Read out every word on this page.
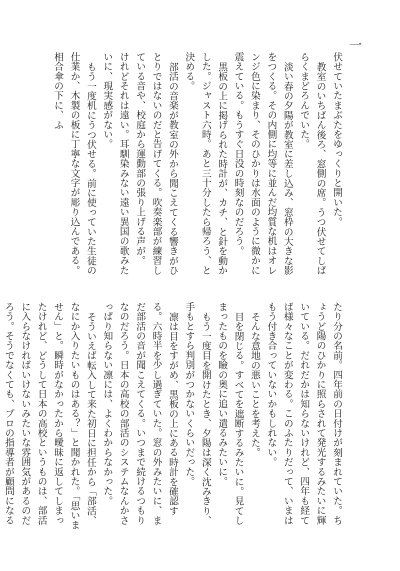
一

伏せていたまぶたをゆっくりと開いた。

教室のいちばん後ろ、窓側の席。うつ伏せてしばらくまどろんでいた。

淡い春の夕陽が教室に差し込み、窓枠の大きな影をつくる。その内側に均等に並んだ均質な机はオレンジ色に染まり、そのひかりは水面のように微かに震えている。もうすぐ日没の時刻なのだろう。

黒板の上に掲げられた時計が、カチ、と針を動かした。ジャスト六時。あと三十分したら帰ろう、と決める。

部活の音楽が教室の外から聞こえてくる響きがひとりではないのだと告げてくる。吹奏楽部が練習している音や、校庭から運動部の張り上げる声が。

けれどそれは遠い。耳馴染みない遠い異国の歌みたいに、現実感がない。

もう一度机にうつ伏せる。前に使っていた生徒の仕業か、木製の板に丁寧な文字が彫り込んである。相合傘の下に、ふ

たり分の名前。四年前の日付けが刻まれていた。ちょうど陽のひかりに照らされて発光するみたいに輝いている。だれだかは知らないけれど、四年も経てば様々なことが変わる。このふたりだって、いまはもう付き合っていないかもしれない。

そんな意地の悪いことを考えた。

目を閉じる。すべてを遮断するみたいに。見てしまったものを瞼の奥に追い遣るみたいに。

もう一度目を開けたとき、夕陽は深く沈みきり、手もとすら判別がつかないくらいだった。

凛は目をすがめ、黒板の上にある時計を確認する。六時半を少し過ぎていた。窓の外みたいに、まだ部活の音が聞こえてくる。いつまで続けるつもりなのだろう。日本の高校の部活のシステムなんかさっぱり知らない凛には、よくわからなかった。

そういえば転入して来た初日に担任から「部活、なにか入りたいものはある？」と聞かれた。「思いません」と。瞬時がなかったから曖昧に返してしまったけれど、どうして日本の高校というものは、部活に入らなければいけないみたいな雰囲気があるのだろう。そうでなくても、プロの指導者が顧問になる
